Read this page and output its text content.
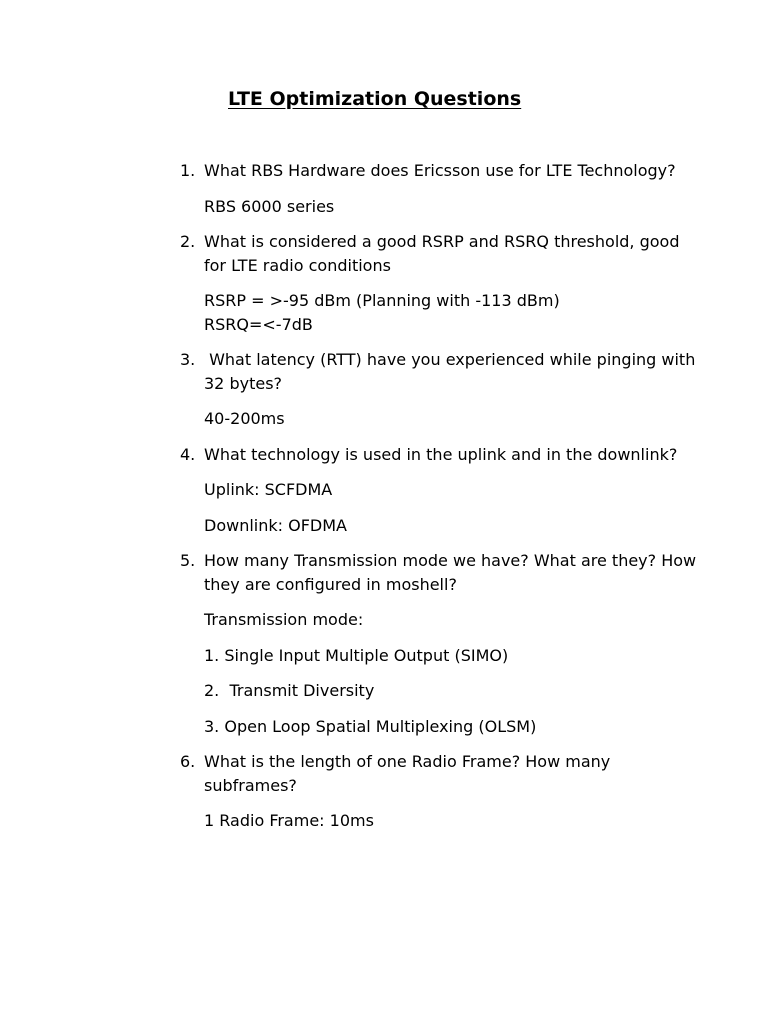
LTE Optimization Questions
1. What RBS Hardware does Ericsson use for LTE Technology?
RBS 6000 series
2. What is considered a good RSRP and RSRQ threshold, good for LTE radio conditions
RSRP = >-95 dBm (Planning with -113 dBm)
RSRQ=<-7dB
3. What latency (RTT) have you experienced while pinging with 32 bytes?
40-200ms
4. What technology is used in the uplink and in the downlink?
Uplink: SCFDMA
Downlink: OFDMA
5. How many Transmission mode we have? What are they? How they are configured in moshell?
Transmission mode:
1. Single Input Multiple Output (SIMO)
2.  Transmit Diversity
3. Open Loop Spatial Multiplexing (OLSM)
6. What is the length of one Radio Frame? How many subframes?
1 Radio Frame: 10ms
